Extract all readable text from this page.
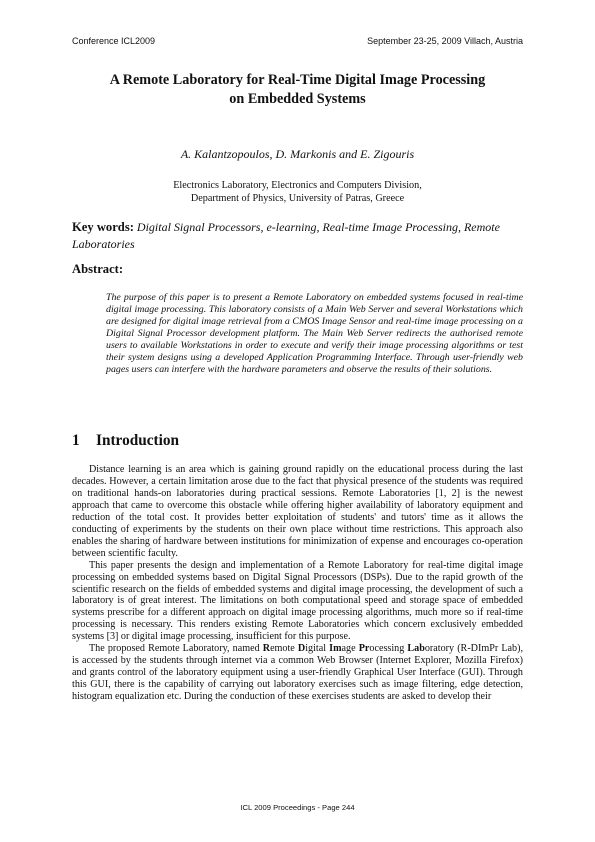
Conference ICL2009	September 23-25, 2009 Villach, Austria
A Remote Laboratory for Real-Time Digital Image Processing
on Embedded Systems
A. Kalantzopoulos, D. Markonis and E. Zigouris
Electronics Laboratory, Electronics and Computers Division,
Department of Physics, University of Patras, Greece
Key words: Digital Signal Processors, e-learning, Real-time Image Processing, Remote Laboratories
Abstract:
The purpose of this paper is to present a Remote Laboratory on embedded systems focused in real-time digital image processing. This laboratory consists of a Main Web Server and several Workstations which are designed for digital image retrieval from a CMOS Image Sensor and real-time image processing on a Digital Signal Processor development platform. The Main Web Server redirects the authorised remote users to available Workstations in order to execute and verify their image processing algorithms or test their system designs using a developed Application Programming Interface. Through user-friendly web pages users can interfere with the hardware parameters and observe the results of their solutions.
1 Introduction

Distance learning is an area which is gaining ground rapidly on the educational process during the last decades. However, a certain limitation arose due to the fact that physical presence of the students was required on traditional hands-on laboratories during practical sessions. Remote Laboratories [1, 2] is the newest approach that came to overcome this obstacle while offering higher availability of laboratory equipment and reduction of the total cost. It provides better exploitation of students' and tutors' time as it allows the conducting of experiments by the students on their own place without time restrictions. This approach also enables the sharing of hardware between institutions for minimization of expense and encourages co-operation between scientific faculty.

This paper presents the design and implementation of a Remote Laboratory for real-time digital image processing on embedded systems based on Digital Signal Processors (DSPs). Due to the rapid growth of the scientific research on the fields of embedded systems and digital image processing, the development of such a laboratory is of great interest. The limitations on both computational speed and storage space of embedded systems prescribe for a different approach on digital image processing algorithms, much more so if real-time processing is necessary. This renders existing Remote Laboratories which concern exclusively embedded systems [3] or digital image processing, insufficient for this purpose.

The proposed Remote Laboratory, named Remote Digital Image Processing Laboratory (R-DImPr Lab), is accessed by the students through internet via a common Web Browser (Internet Explorer, Mozilla Firefox) and grants control of the laboratory equipment using a user-friendly Graphical User Interface (GUI). Through this GUI, there is the capability of carrying out laboratory exercises such as image filtering, edge detection, histogram equalization etc. During the conduction of these exercises students are asked to develop their

ICL 2009 Proceedings - Page 244
